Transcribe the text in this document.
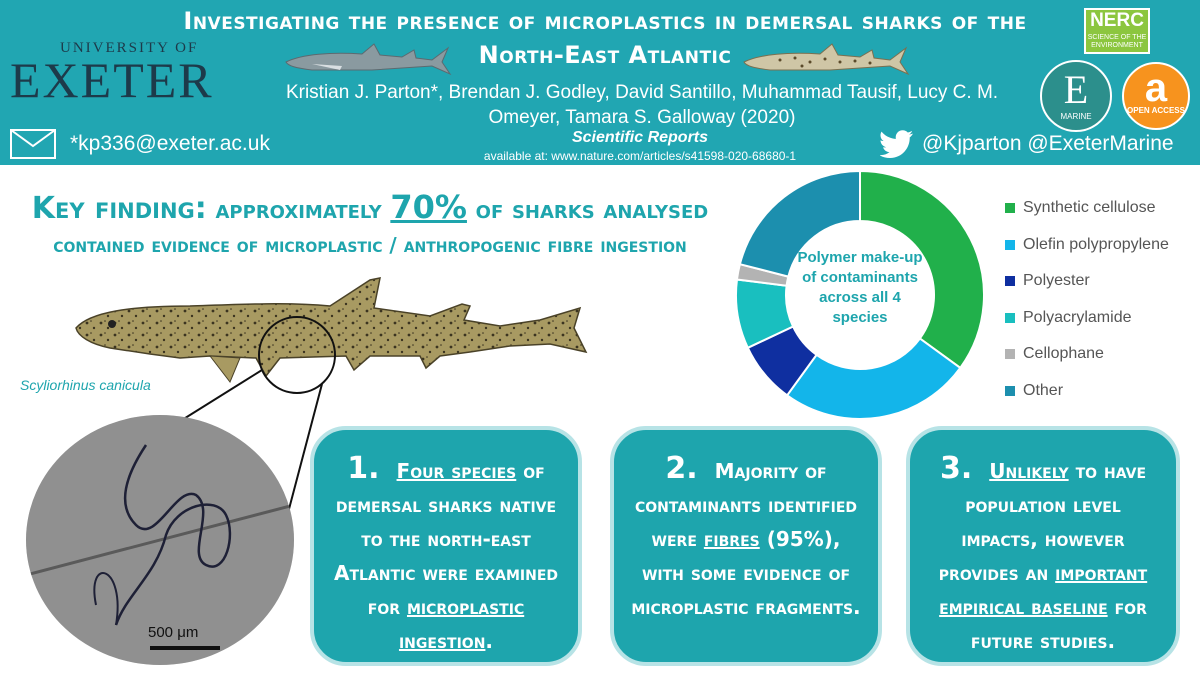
UNIVERSITY OF
EXETER
Investigating the presence of microplastics in demersal sharks of the
North-East Atlantic
Kristian J. Parton*, Brendan J. Godley, David Santillo, Muhammad Tausif, Lucy C. M.
Omeyer, Tamara S. Galloway (2020)
Scientific Reports
available at: www.nature.com/articles/s41598-020-68680-1
*kp336@exeter.ac.uk	@Kjparton @ExeterMarine
NERC
SCIENCE OF THE ENVIRONMENT
E
MARINE
a
OPEN ACCESS
Key finding: approximately 70% of sharks analysed
contained evidence of microplastic / anthropogenic fibre ingestion
Polymer make-up of contaminants across all 4 species
Synthetic cellulose
Olefin polypropylene
Polyester
Polyacrylamide
Cellophane
Other
Scyliorhinus canicula
500 μm
1. Four species of demersal sharks native to the north-east Atlantic were examined for microplastic ingestion.
2. Majority of contaminants identified were fibres (95%), with some evidence of microplastic fragments.
3. Unlikely to have population level impacts, however provides an important empirical baseline for future studies.
